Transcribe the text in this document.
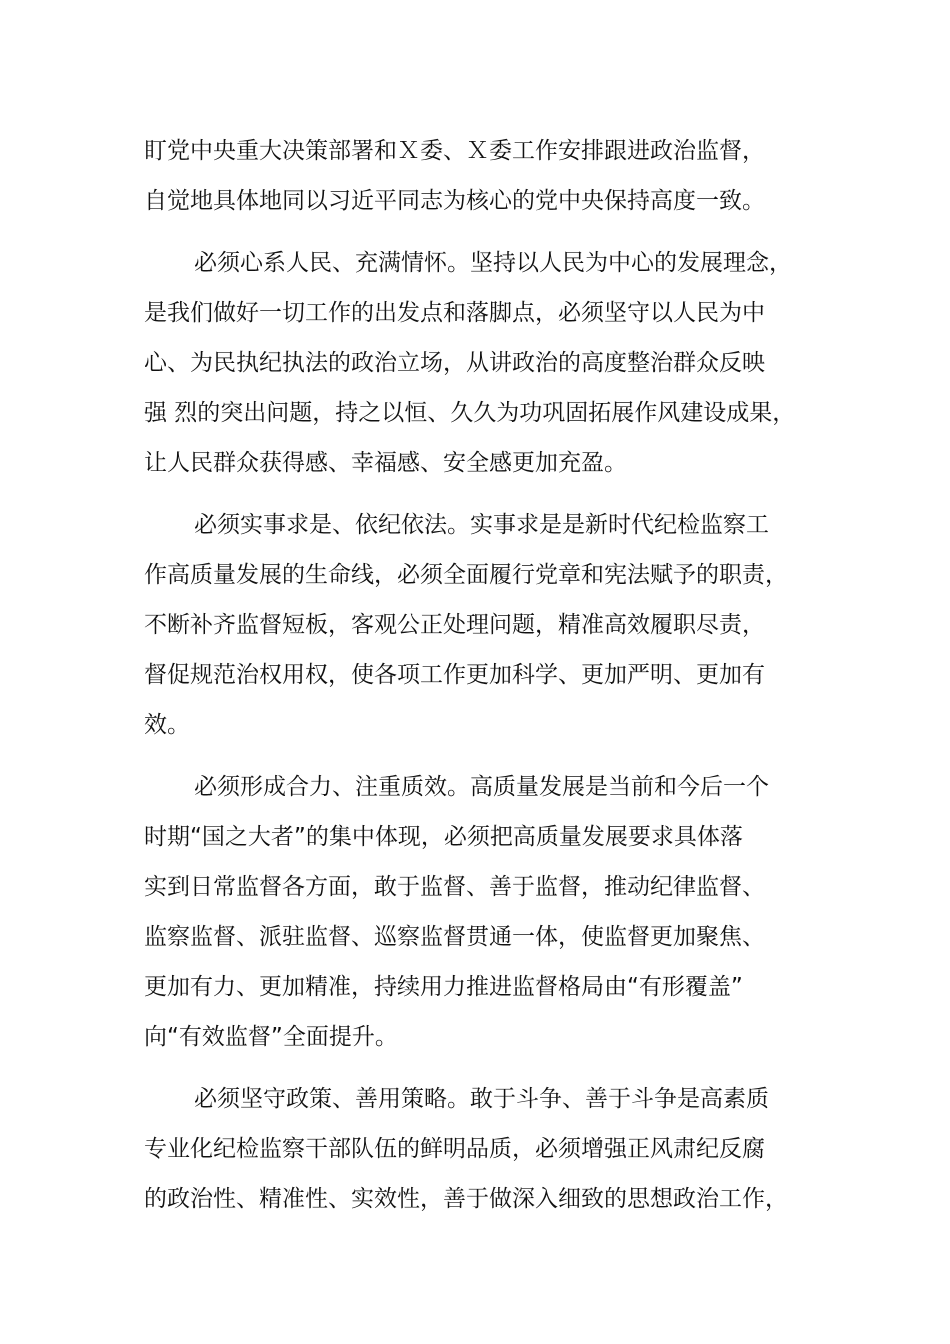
盯党中央重大决策部署和Ｘ委、Ｘ委工作安排跟进政治监督，
自觉地具体地同以习近平同志为核心的党中央保持高度一致。
必须心系人民、充满情怀。坚持以人民为中心的发展理念，
是我们做好一切工作的出发点和落脚点，必须坚守以人民为中
心、为民执纪执法的政治立场，从讲政治的高度整治群众反映
强 烈的突出问题，持之以恒、久久为功巩固拓展作风建设成果，
让人民群众获得感、幸福感、安全感更加充盈。
必须实事求是、依纪依法。实事求是是新时代纪检监察工
作高质量发展的生命线，必须全面履行党章和宪法赋予的职责，
不断补齐监督短板，客观公正处理问题，精准高效履职尽责，
督促规范治权用权，使各项工作更加科学、更加严明、更加有
效。
必须形成合力、注重质效。高质量发展是当前和今后一个
时期“国之大者”的集中体现，必须把高质量发展要求具体落
实到日常监督各方面，敢于监督、善于监督，推动纪律监督、
监察监督、派驻监督、巡察监督贯通一体，使监督更加聚焦、
更加有力、更加精准，持续用力推进监督格局由“有形覆盖”
向“有效监督”全面提升。
必须坚守政策、善用策略。敢于斗争、善于斗争是高素质
专业化纪检监察干部队伍的鲜明品质，必须增强正风肃纪反腐
的政治性、精准性、实效性，善于做深入细致的思想政治工作，
